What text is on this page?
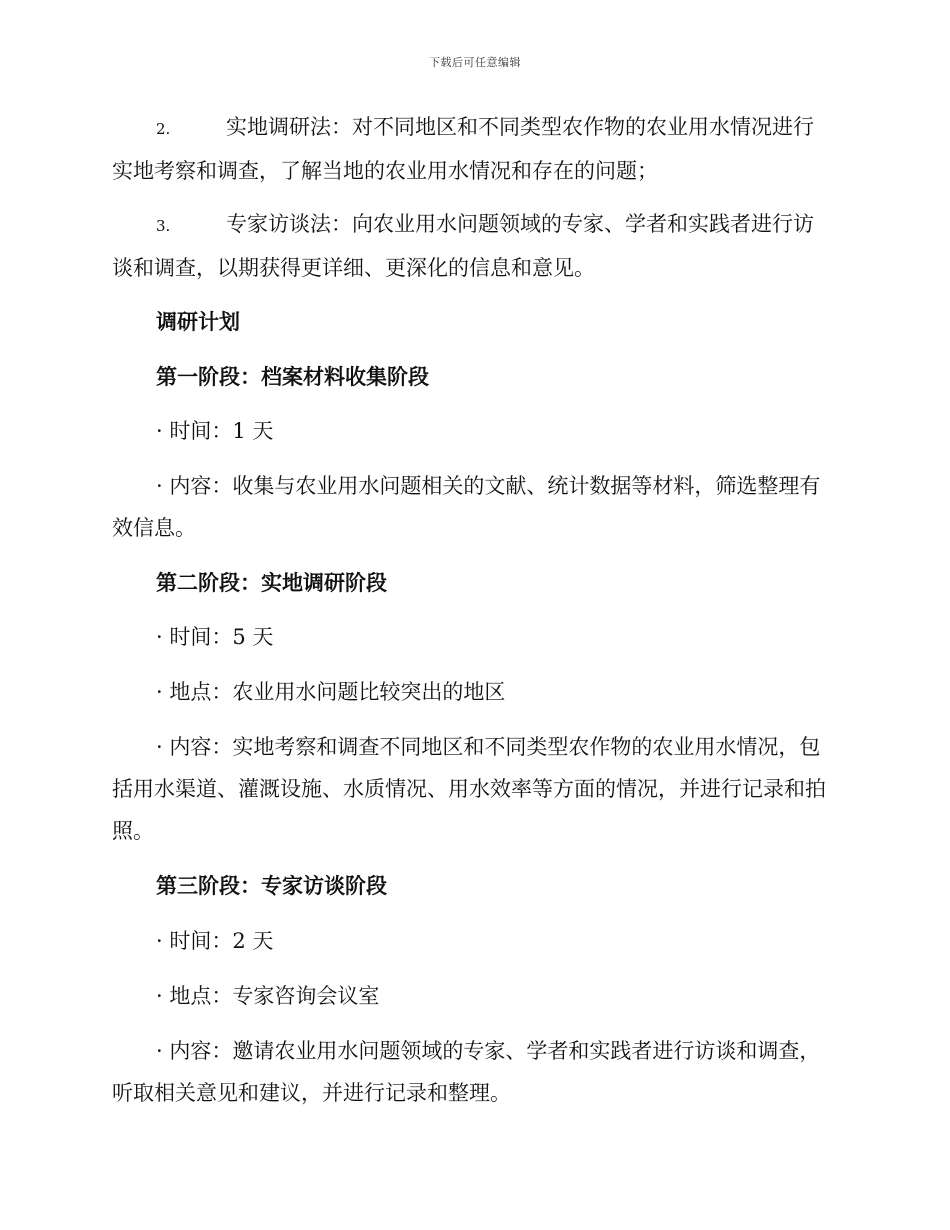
下载后可任意编辑
2.	实地调研法：对不同地区和不同类型农作物的农业用水情况进行实地考察和调查，了解当地的农业用水情况和存在的问题；
3.	专家访谈法：向农业用水问题领域的专家、学者和实践者进行访谈和调查，以期获得更详细、更深化的信息和意见。
调研计划
第一阶段：档案材料收集阶段
· 时间：1 天
· 内容：收集与农业用水问题相关的文献、统计数据等材料，筛选整理有效信息。
第二阶段：实地调研阶段
· 时间：5 天
· 地点：农业用水问题比较突出的地区
· 内容：实地考察和调查不同地区和不同类型农作物的农业用水情况，包括用水渠道、灌溉设施、水质情况、用水效率等方面的情况，并进行记录和拍照。
第三阶段：专家访谈阶段
· 时间：2 天
· 地点：专家咨询会议室
· 内容：邀请农业用水问题领域的专家、学者和实践者进行访谈和调查，听取相关意见和建议，并进行记录和整理。
